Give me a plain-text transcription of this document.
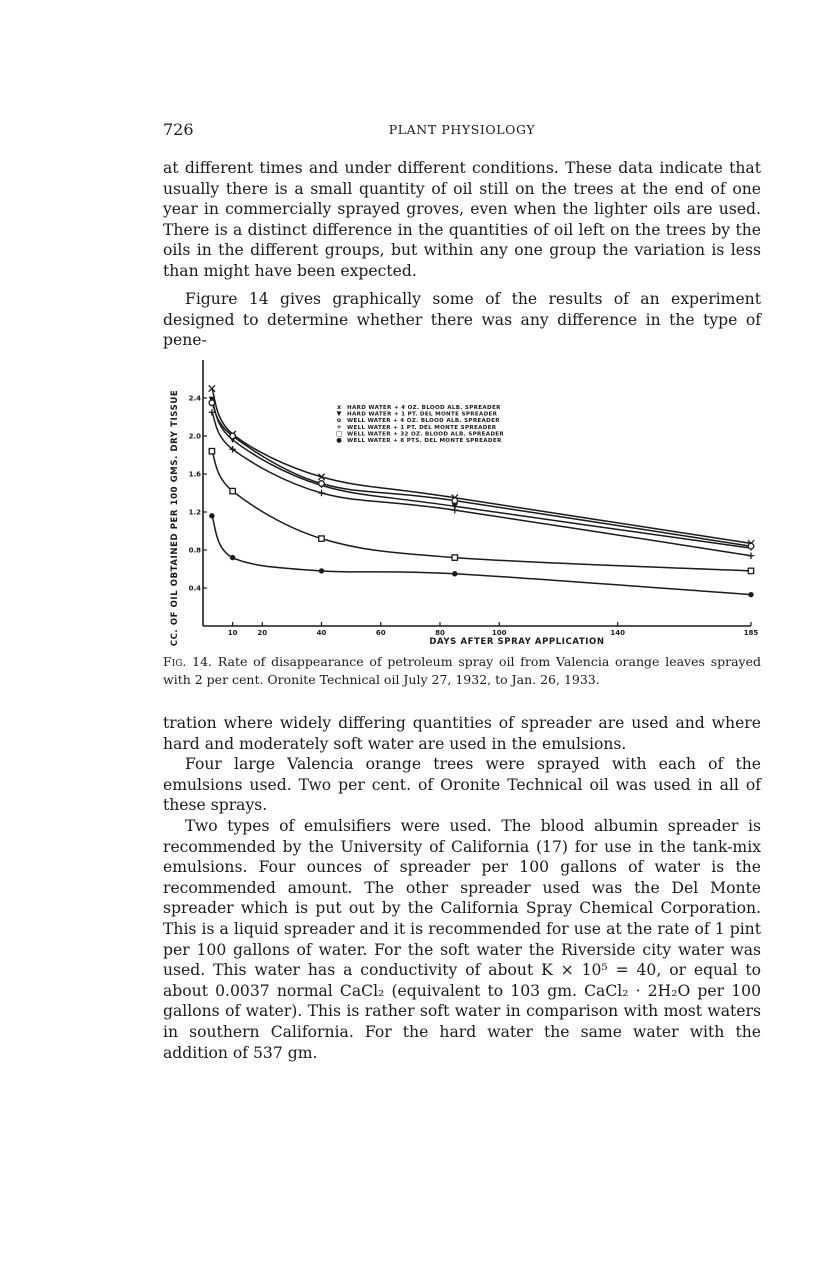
726	PLANT PHYSIOLOGY

at different times and under different conditions. These data indicate that usually there is a small quantity of oil still on the trees at the end of one year in commercially sprayed groves, even when the lighter oils are used. There is a distinct difference in the quantities of oil left on the trees by the oils in the different groups, but within any one group the variation is less than might have been expected.

Figure 14 gives graphically some of the results of an experiment designed to determine whether there was any difference in the type of pene-

10	20	40	60	80	100	140	185
0.4
0.8
1.2
1.6
2.0
2.4
x HARD WATER + 4 OZ. BLOOD ALB. SPREADER
▼ HARD WATER + 1 PT. DEL MONTE SPREADER
o WELL WATER + 4 OZ. BLOOD ALB. SPREADER
+ WELL WATER + 1 PT. DEL MONTE SPREADER
□ WELL WATER + 32 OZ. BLOOD ALB. SPREADER
● WELL WATER + 8 PTS. DEL MONTE SPREADER
DAYS AFTER SPRAY APPLICATION
CC. OF OIL OBTAINED PER 100 GMS. DRY TISSUE

Fig. 14. Rate of disappearance of petroleum spray oil from Valencia orange leaves sprayed with 2 per cent. Oronite Technical oil July 27, 1932, to Jan. 26, 1933.

tration where widely differing quantities of spreader are used and where hard and moderately soft water are used in the emulsions.

Four large Valencia orange trees were sprayed with each of the emulsions used. Two per cent. of Oronite Technical oil was used in all of these sprays.

Two types of emulsifiers were used. The blood albumin spreader is recommended by the University of California (17) for use in the tank-mix emulsions. Four ounces of spreader per 100 gallons of water is the recommended amount. The other spreader used was the Del Monte spreader which is put out by the California Spray Chemical Corporation. This is a liquid spreader and it is recommended for use at the rate of 1 pint per 100 gallons of water. For the soft water the Riverside city water was used. This water has a conductivity of about K × 10⁵ = 40, or equal to about 0.0037 normal CaCl₂ (equivalent to 103 gm. CaCl₂ · 2H₂O per 100 gallons of water). This is rather soft water in comparison with most waters in southern California. For the hard water the same water with the addition of 537 gm.
